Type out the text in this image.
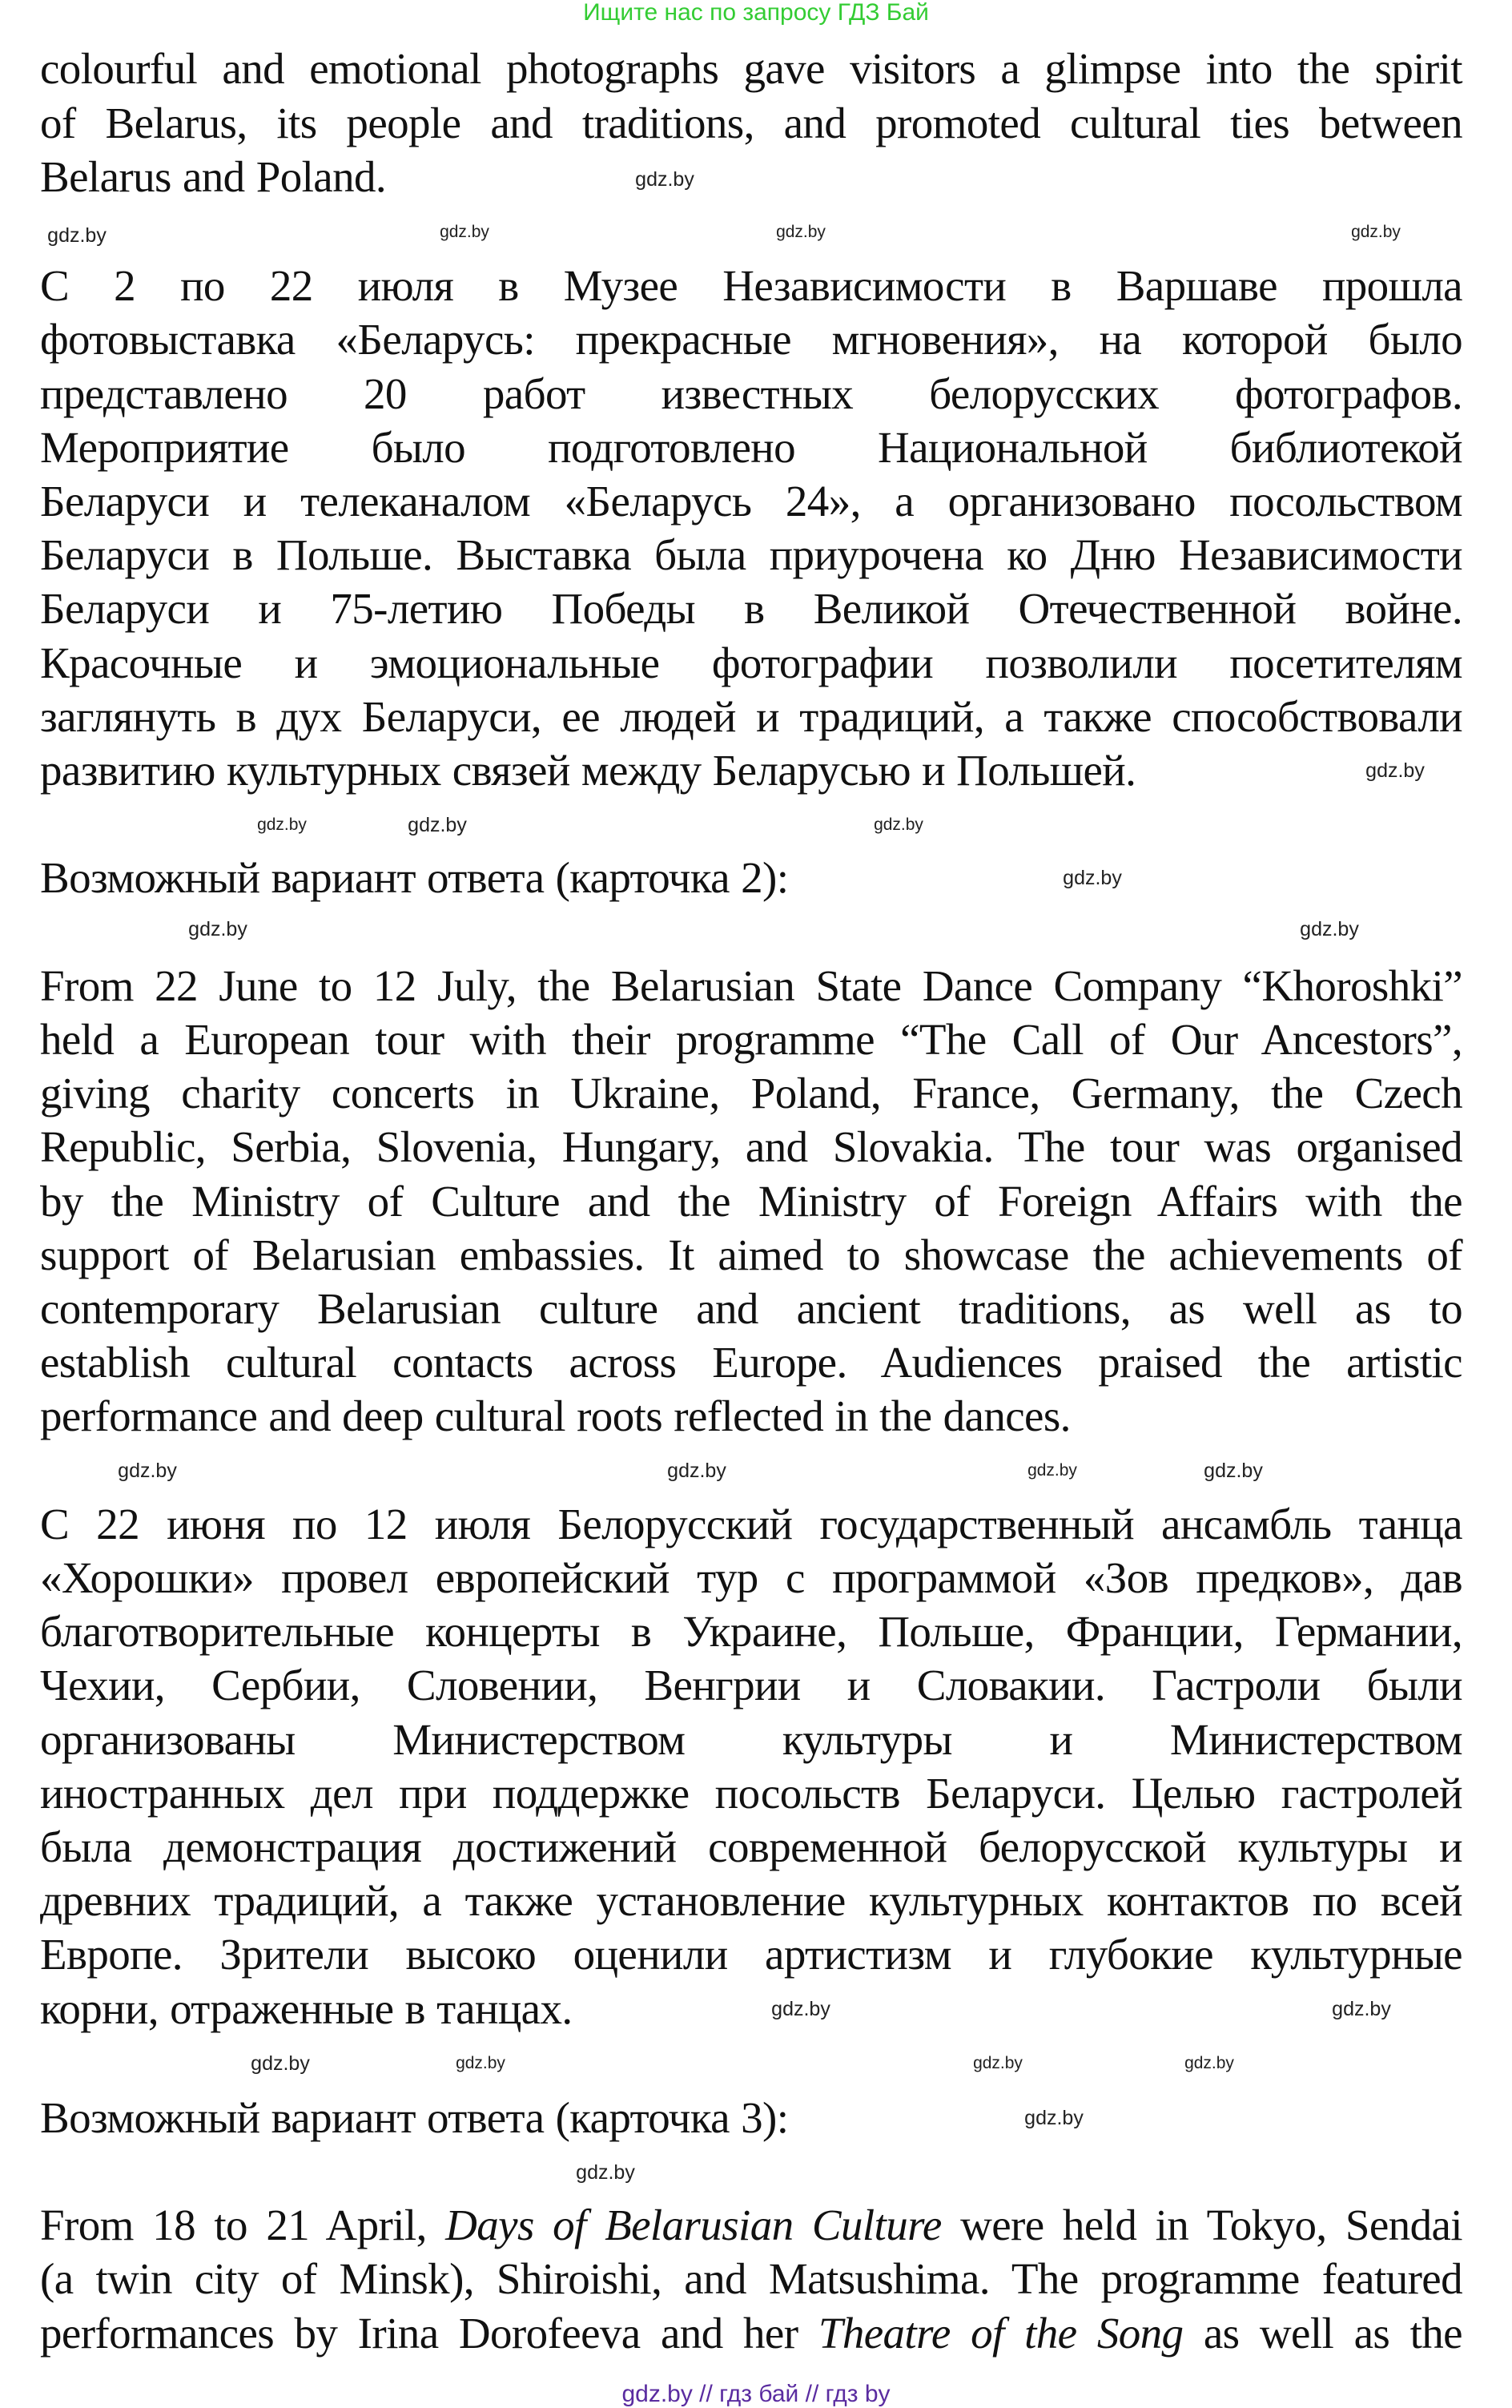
Ищите нас по запросу ГДЗ Бай
colourful and emotional photographs gave visitors a glimpse into the spirit
of Belarus, its people and traditions, and promoted cultural ties between
Belarus and Poland.
С 2 по 22 июля в Музее Независимости в Варшаве прошла
фотовыставка «Беларусь: прекрасные мгновения», на которой было
представлено 20 работ известных белорусских фотографов.
Мероприятие было подготовлено Национальной библиотекой
Беларуси и телеканалом «Беларусь 24», а организовано посольством
Беларуси в Польше. Выставка была приурочена ко Дню Независимости
Беларуси и 75-летию Победы в Великой Отечественной войне.
Красочные и эмоциональные фотографии позволили посетителям
заглянуть в дух Беларуси, ее людей и традиций, а также способствовали
развитию культурных связей между Беларусью и Польшей.
Возможный вариант ответа (карточка 2):
From 22 June to 12 July, the Belarusian State Dance Company “Khoroshki”
held a European tour with their programme “The Call of Our Ancestors”,
giving charity concerts in Ukraine, Poland, France, Germany, the Czech
Republic, Serbia, Slovenia, Hungary, and Slovakia. The tour was organised
by the Ministry of Culture and the Ministry of Foreign Affairs with the
support of Belarusian embassies. It aimed to showcase the achievements of
contemporary Belarusian culture and ancient traditions, as well as to
establish cultural contacts across Europe. Audiences praised the artistic
performance and deep cultural roots reflected in the dances.
С 22 июня по 12 июля Белорусский государственный ансамбль танца
«Хорошки» провел европейский тур с программой «Зов предков», дав
благотворительные концерты в Украине, Польше, Франции, Германии,
Чехии, Сербии, Словении, Венгрии и Словакии. Гастроли были
организованы Министерством культуры и Министерством
иностранных дел при поддержке посольств Беларуси. Целью гастролей
была демонстрация достижений современной белорусской культуры и
древних традиций, а также установление культурных контактов по всей
Европе. Зрители высоко оценили артистизм и глубокие культурные
корни, отраженные в танцах.
Возможный вариант ответа (карточка 3):
From 18 to 21 April, Days of Belarusian Culture were held in Tokyo, Sendai
(a twin city of Minsk), Shiroishi, and Matsushima. The programme featured
performances by Irina Dorofeeva and her Theatre of the Song as well as the
gdz.by
gdz.by
gdz.by	gdz.by
gdz.by
gdz.by
gdz.by
gdz.by
gdz.by
gdz.by
gdz.by	gdz.by
gdz.by	gdz.by
gdz.by	gdz.by
gdz.by
gdz.by	gdz.by
gdz.by	gdz.by
gdz.by
gdz.by
gdz.by
gdz.by // гдз бай // гдз by
